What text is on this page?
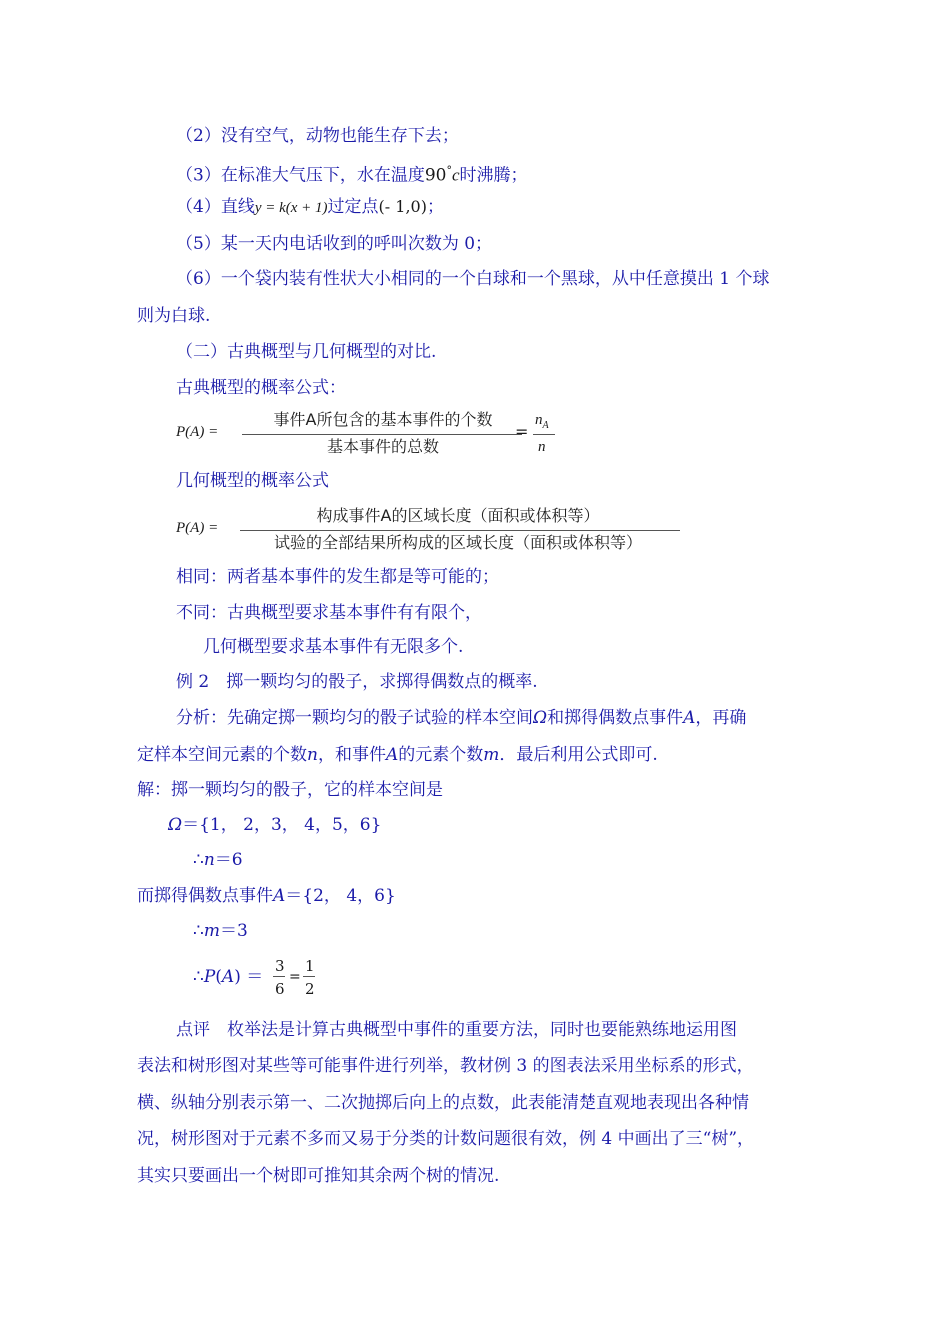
（2）没有空气，动物也能生存下去；
（3）在标准大气压下，水在温度90°c时沸腾；
（4）直线y = k(x + 1)过定点(- 1,0)；
（5）某一天内电话收到的呼叫次数为 0；
（6）一个袋内装有性状大小相同的一个白球和一个黑球，从中任意摸出 1 个球
则为白球.
（二）古典概型与几何概型的对比.
古典概型的概率公式：
P(A) =
事件A所包含的基本事件的个数
基本事件的总数
=
$n_A$
n
几何概型的概率公式
P(A) =
构成事件A的区域长度（面积或体积等）
试验的全部结果所构成的区域长度（面积或体积等）
相同：两者基本事件的发生都是等可能的；
不同：古典概型要求基本事件有有限个，
几何概型要求基本事件有无限多个.
例 2　掷一颗均匀的骰子，求掷得偶数点的概率.
分析：先确定掷一颗均匀的骰子试验的样本空间Ω和掷得偶数点事件A，再确
定样本空间元素的个数n，和事件A的元素个数m．最后利用公式即可.
解：掷一颗均匀的骰子，它的样本空间是
Ω＝{1， 2，3， 4，5，6}
∴n＝6
而掷得偶数点事件A＝{2， 4，6}
∴m＝3
∴P(A) ＝
3
6
=
1
2
点评　枚举法是计算古典概型中事件的重要方法，同时也要能熟练地运用图
表法和树形图对某些等可能事件进行列举，教材例 3 的图表法采用坐标系的形式，
横、纵轴分别表示第一、二次抛掷后向上的点数，此表能清楚直观地表现出各种情
况，树形图对于元素不多而又易于分类的计数问题很有效，例 4 中画出了三“树”，
其实只要画出一个树即可推知其余两个树的情况.
